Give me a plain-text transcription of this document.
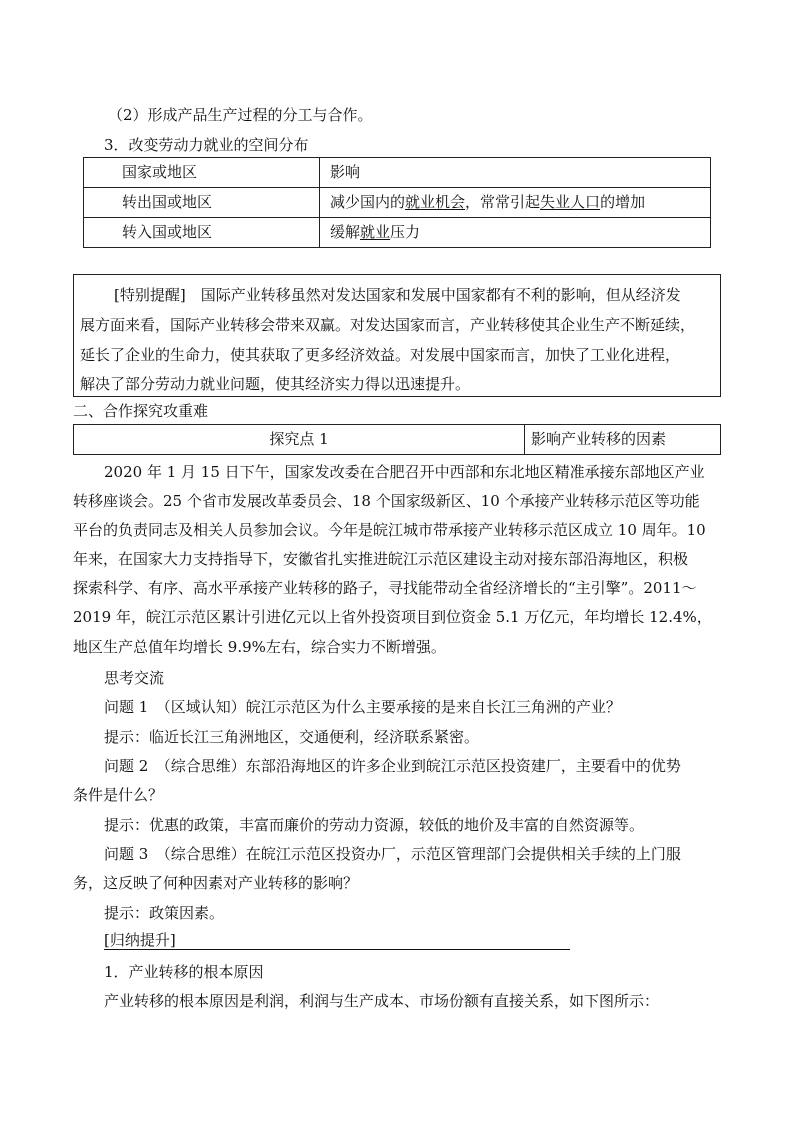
（2）形成产品生产过程的分工与合作。
3．改变劳动力就业的空间分布
国家或地区	影响
转出国或地区	减少国内的就业机会，常常引起失业人口的增加
转入国或地区	缓解就业压力
[特别提醒]　国际产业转移虽然对发达国家和发展中国家都有不利的影响，但从经济发
展方面来看，国际产业转移会带来双赢。对发达国家而言，产业转移使其企业生产不断延续，
延长了企业的生命力，使其获取了更多经济效益。对发展中国家而言，加快了工业化进程，
解决了部分劳动力就业问题，使其经济实力得以迅速提升。
二、合作探究攻重难
探究点 1	影响产业转移的因素
2020 年 1 月 15 日下午，国家发改委在合肥召开中西部和东北地区精准承接东部地区产业
转移座谈会。25 个省市发展改革委员会、18 个国家级新区、10 个承接产业转移示范区等功能
平台的负责同志及相关人员参加会议。今年是皖江城市带承接产业转移示范区成立 10 周年。10
年来，在国家大力支持指导下，安徽省扎实推进皖江示范区建设主动对接东部沿海地区，积极
探索科学、有序、高水平承接产业转移的路子，寻找能带动全省经济增长的“主引擎”。2011～
2019 年，皖江示范区累计引进亿元以上省外投资项目到位资金 5.1 万亿元，年均增长 12.4%，
地区生产总值年均增长 9.9%左右，综合实力不断增强。
思考交流
问题 1　（区域认知）皖江示范区为什么主要承接的是来自长江三角洲的产业？
提示：临近长江三角洲地区，交通便利，经济联系紧密。
问题 2　（综合思维）东部沿海地区的许多企业到皖江示范区投资建厂，主要看中的优势
条件是什么？
提示：优惠的政策，丰富而廉价的劳动力资源，较低的地价及丰富的自然资源等。
问题 3　（综合思维）在皖江示范区投资办厂，示范区管理部门会提供相关手续的上门服
务，这反映了何种因素对产业转移的影响？
提示：政策因素。
[归纳提升]
1．产业转移的根本原因
产业转移的根本原因是利润，利润与生产成本、市场份额有直接关系，如下图所示：
